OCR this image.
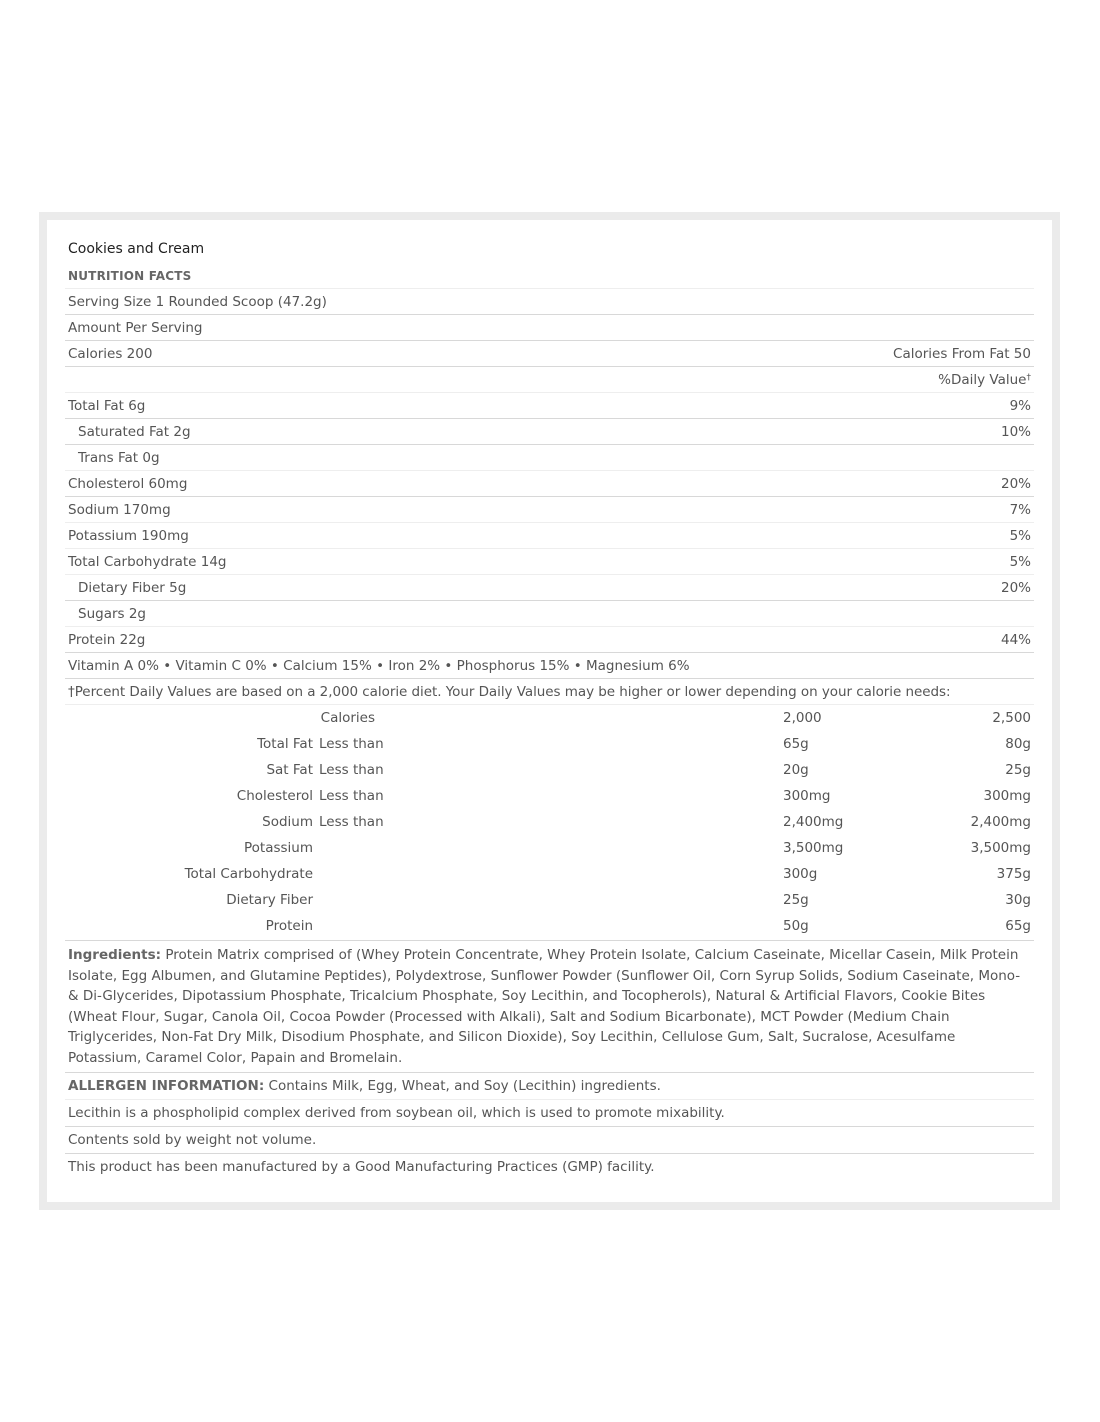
Cookies and Cream
NUTRITION FACTS
Serving Size 1 Rounded Scoop (47.2g)
Amount Per Serving
Calories 200	Calories From Fat 50
%Daily Value†
Total Fat 6g	9%
Saturated Fat 2g	10%
Trans Fat 0g
Cholesterol 60mg	20%
Sodium 170mg	7%
Potassium 190mg	5%
Total Carbohydrate 14g	5%
Dietary Fiber 5g	20%
Sugars 2g
Protein 22g	44%
Vitamin A 0% • Vitamin C 0% • Calcium 15% • Iron 2% • Phosphorus 15% • Magnesium 6%
†Percent Daily Values are based on a 2,000 calorie diet. Your Daily Values may be higher or lower depending on your calorie needs:
Calories	2,000	2,500
Total Fat Less than	65g	80g
Sat Fat Less than	20g	25g
Cholesterol Less than	300mg	300mg
Sodium Less than	2,400mg	2,400mg
Potassium	3,500mg	3,500mg
Total Carbohydrate	300g	375g
Dietary Fiber	25g	30g
Protein	50g	65g
Ingredients: Protein Matrix comprised of (Whey Protein Concentrate, Whey Protein Isolate, Calcium Caseinate, Micellar Casein, Milk Protein Isolate, Egg Albumen, and Glutamine Peptides), Polydextrose, Sunflower Powder (Sunflower Oil, Corn Syrup Solids, Sodium Caseinate, Mono- & Di-Glycerides, Dipotassium Phosphate, Tricalcium Phosphate, Soy Lecithin, and Tocopherols), Natural & Artificial Flavors, Cookie Bites (Wheat Flour, Sugar, Canola Oil, Cocoa Powder (Processed with Alkali), Salt and Sodium Bicarbonate), MCT Powder (Medium Chain Triglycerides, Non-Fat Dry Milk, Disodium Phosphate, and Silicon Dioxide), Soy Lecithin, Cellulose Gum, Salt, Sucralose, Acesulfame Potassium, Caramel Color, Papain and Bromelain.
ALLERGEN INFORMATION: Contains Milk, Egg, Wheat, and Soy (Lecithin) ingredients.
Lecithin is a phospholipid complex derived from soybean oil, which is used to promote mixability.
Contents sold by weight not volume.
This product has been manufactured by a Good Manufacturing Practices (GMP) facility.
